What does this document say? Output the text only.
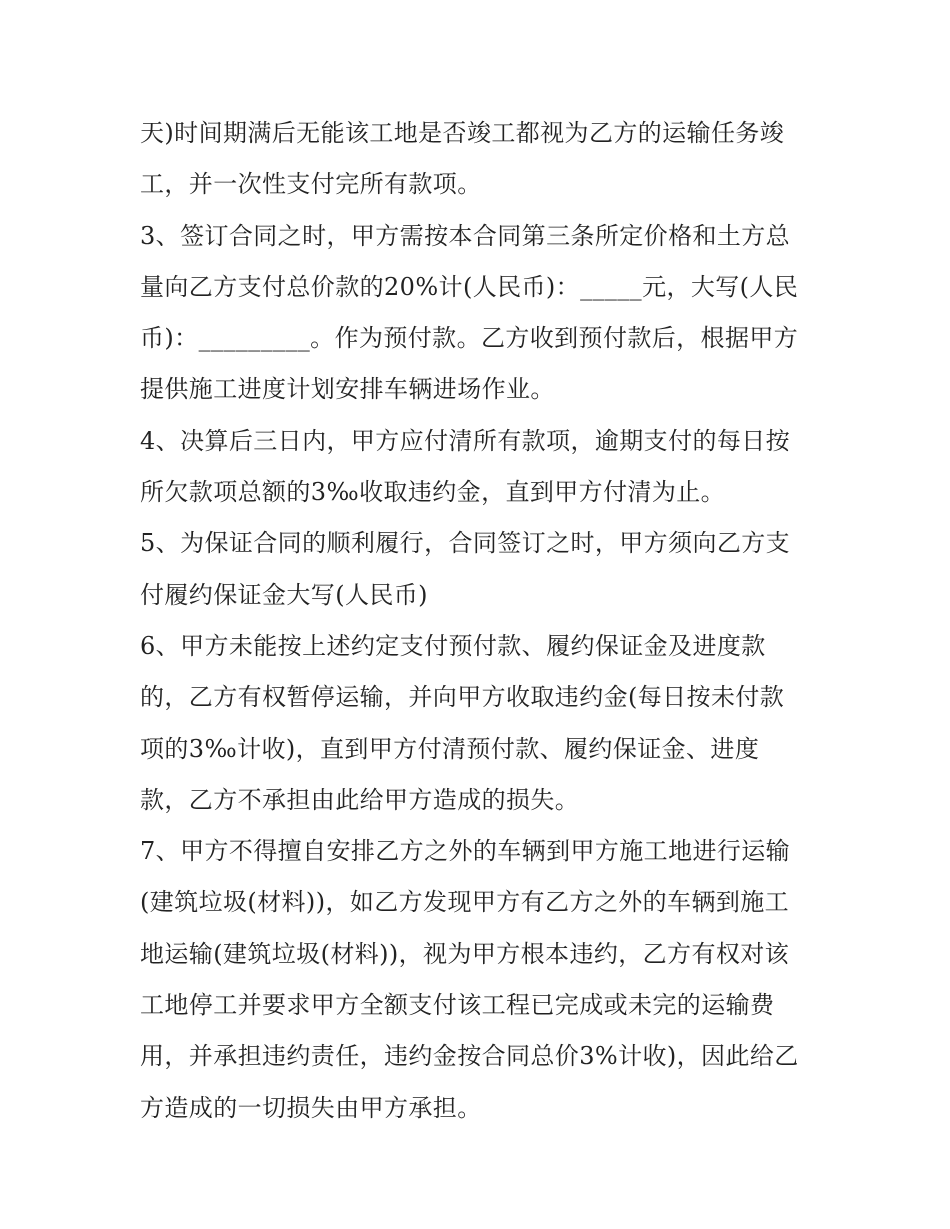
天)时间期满后无能该工地是否竣工都视为乙方的运输任务竣
工，并一次性支付完所有款项。
3、签订合同之时，甲方需按本合同第三条所定价格和土方总
量向乙方支付总价款的20%计(人民币)：_____元，大写(人民
币)：_________。作为预付款。乙方收到预付款后，根据甲方
提供施工进度计划安排车辆进场作业。
4、决算后三日内，甲方应付清所有款项，逾期支付的每日按
所欠款项总额的3‰收取违约金，直到甲方付清为止。
5、为保证合同的顺利履行，合同签订之时，甲方须向乙方支
付履约保证金大写(人民币)
6、甲方未能按上述约定支付预付款、履约保证金及进度款
的，乙方有权暂停运输，并向甲方收取违约金(每日按未付款
项的3‰计收)，直到甲方付清预付款、履约保证金、进度
款，乙方不承担由此给甲方造成的损失。
7、甲方不得擅自安排乙方之外的车辆到甲方施工地进行运输
(建筑垃圾(材料))，如乙方发现甲方有乙方之外的车辆到施工
地运输(建筑垃圾(材料))，视为甲方根本违约，乙方有权对该
工地停工并要求甲方全额支付该工程已完成或未完的运输费
用，并承担违约责任，违约金按合同总价3%计收)，因此给乙
方造成的一切损失由甲方承担。
